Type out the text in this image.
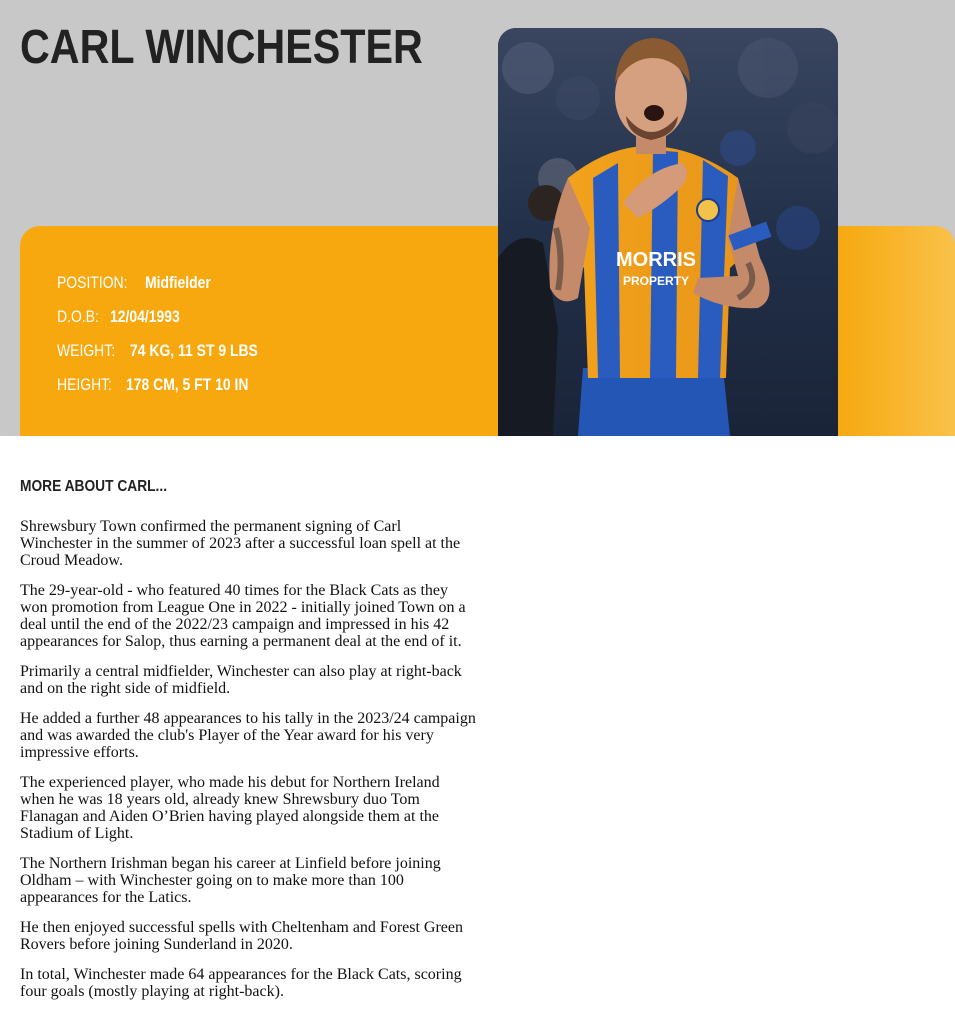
CARL WINCHESTER
POSITION: Midfielder
D.O.B: 12/04/1993
WEIGHT: 74 KG, 11 ST 9 LBS
HEIGHT: 178 CM, 5 FT 10 IN
MORRIS
PROPERTY
MORE ABOUT CARL...

Shrewsbury Town confirmed the permanent signing of Carl Winchester in the summer of 2023 after a successful loan spell at the Croud Meadow.

The 29-year-old - who featured 40 times for the Black Cats as they won promotion from League One in 2022 - initially joined Town on a deal until the end of the 2022/23 campaign and impressed in his 42 appearances for Salop, thus earning a permanent deal at the end of it.

Primarily a central midfielder, Winchester can also play at right-back and on the right side of midfield.

He added a further 48 appearances to his tally in the 2023/24 campaign and was awarded the club's Player of the Year award for his very impressive efforts.

The experienced player, who made his debut for Northern Ireland when he was 18 years old, already knew Shrewsbury duo Tom Flanagan and Aiden O’Brien having played alongside them at the Stadium of Light.

The Northern Irishman began his career at Linfield before joining Oldham – with Winchester going on to make more than 100 appearances for the Latics.

He then enjoyed successful spells with Cheltenham and Forest Green Rovers before joining Sunderland in 2020.

In total, Winchester made 64 appearances for the Black Cats, scoring four goals (mostly playing at right-back).
